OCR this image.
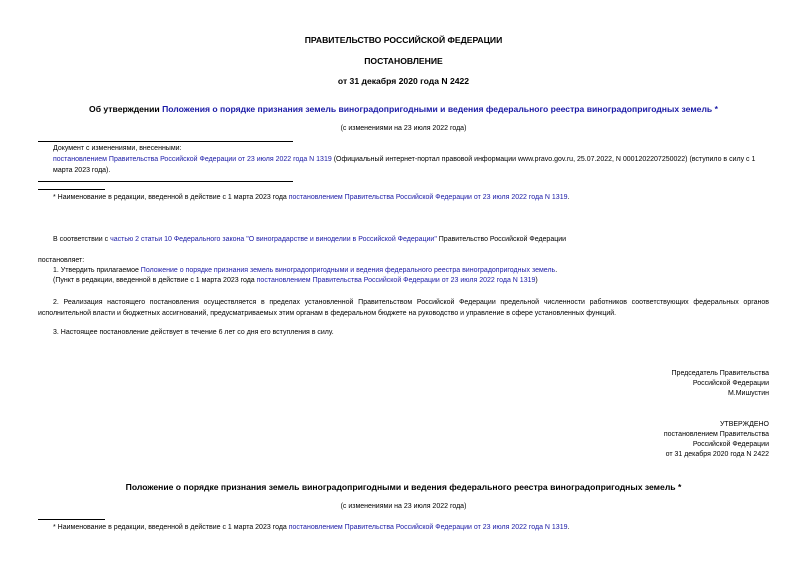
ПРАВИТЕЛЬСТВО РОССИЙСКОЙ ФЕДЕРАЦИИ
ПОСТАНОВЛЕНИЕ
от 31 декабря 2020 года N 2422
Об утверждении Положения о порядке признания земель виноградопригодными и ведения федерального реестра виноградопригодных земель *
(с изменениями на 23 июля 2022 года)
Документ с изменениями, внесенными:
постановлением Правительства Российской Федерации от 23 июля 2022 года N 1319 (Официальный интернет-портал правовой информации www.pravo.gov.ru, 25.07.2022, N 0001202207250022) (вступило в силу с 1 марта 2023 года).
* Наименование в редакции, введенной в действие с 1 марта 2023 года постановлением Правительства Российской Федерации от 23 июля 2022 года N 1319.
В соответствии с частью 2 статьи 10 Федерального закона "О виноградарстве и виноделии в Российской Федерации" Правительство Российской Федерации
постановляет:
1. Утвердить прилагаемое Положение о порядке признания земель виноградопригодными и ведения федерального реестра виноградопригодных земель.
(Пункт в редакции, введенной в действие с 1 марта 2023 года постановлением Правительства Российской Федерации от 23 июля 2022 года N 1319)
2. Реализация настоящего постановления осуществляется в пределах установленной Правительством Российской Федерации предельной численности работников соответствующих федеральных органов исполнительной власти и бюджетных ассигнований, предусматриваемых этим органам в федеральном бюджете на руководство и управление в сфере установленных функций.
3. Настоящее постановление действует в течение 6 лет со дня его вступления в силу.
Председатель Правительства
Российской Федерации
М.Мишустин
УТВЕРЖДЕНО
постановлением Правительства
Российской Федерации
от 31 декабря 2020 года N 2422
Положение о порядке признания земель виноградопригодными и ведения федерального реестра виноградопригодных земель *
(с изменениями на 23 июля 2022 года)
* Наименование в редакции, введенной в действие с 1 марта 2023 года постановлением Правительства Российской Федерации от 23 июля 2022 года N 1319.
